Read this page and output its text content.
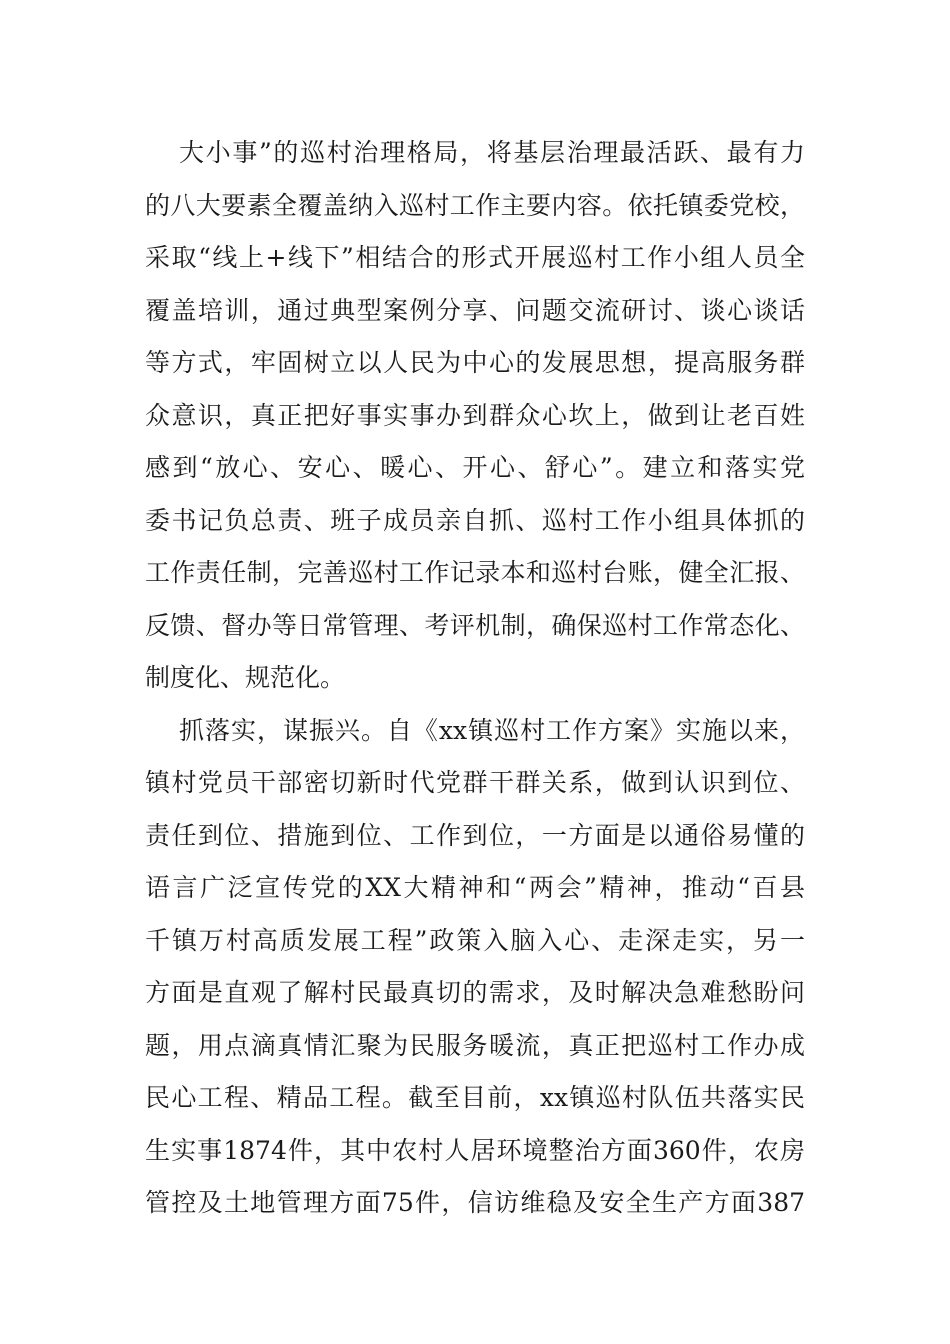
大小事”的巡村治理格局，将基层治理最活跃、最有力
的八大要素全覆盖纳入巡村工作主要内容。依托镇委党校，
采取“线上+线下”相结合的形式开展巡村工作小组人员全
覆盖培训，通过典型案例分享、问题交流研讨、谈心谈话
等方式，牢固树立以人民为中心的发展思想，提高服务群
众意识，真正把好事实事办到群众心坎上，做到让老百姓
感到“放心、安心、暖心、开心、舒心”。建立和落实党
委书记负总责、班子成员亲自抓、巡村工作小组具体抓的
工作责任制，完善巡村工作记录本和巡村台账，健全汇报、
反馈、督办等日常管理、考评机制，确保巡村工作常态化、
制度化、规范化。
抓落实，谋振兴。自《xx镇巡村工作方案》实施以来，
镇村党员干部密切新时代党群干群关系，做到认识到位、
责任到位、措施到位、工作到位，一方面是以通俗易懂的
语言广泛宣传党的XX大精神和“两会”精神，推动“百县
千镇万村高质发展工程”政策入脑入心、走深走实，另一
方面是直观了解村民最真切的需求，及时解决急难愁盼问
题，用点滴真情汇聚为民服务暖流，真正把巡村工作办成
民心工程、精品工程。截至目前，xx镇巡村队伍共落实民
生实事1874件，其中农村人居环境整治方面360件，农房
管控及土地管理方面75件，信访维稳及安全生产方面387
